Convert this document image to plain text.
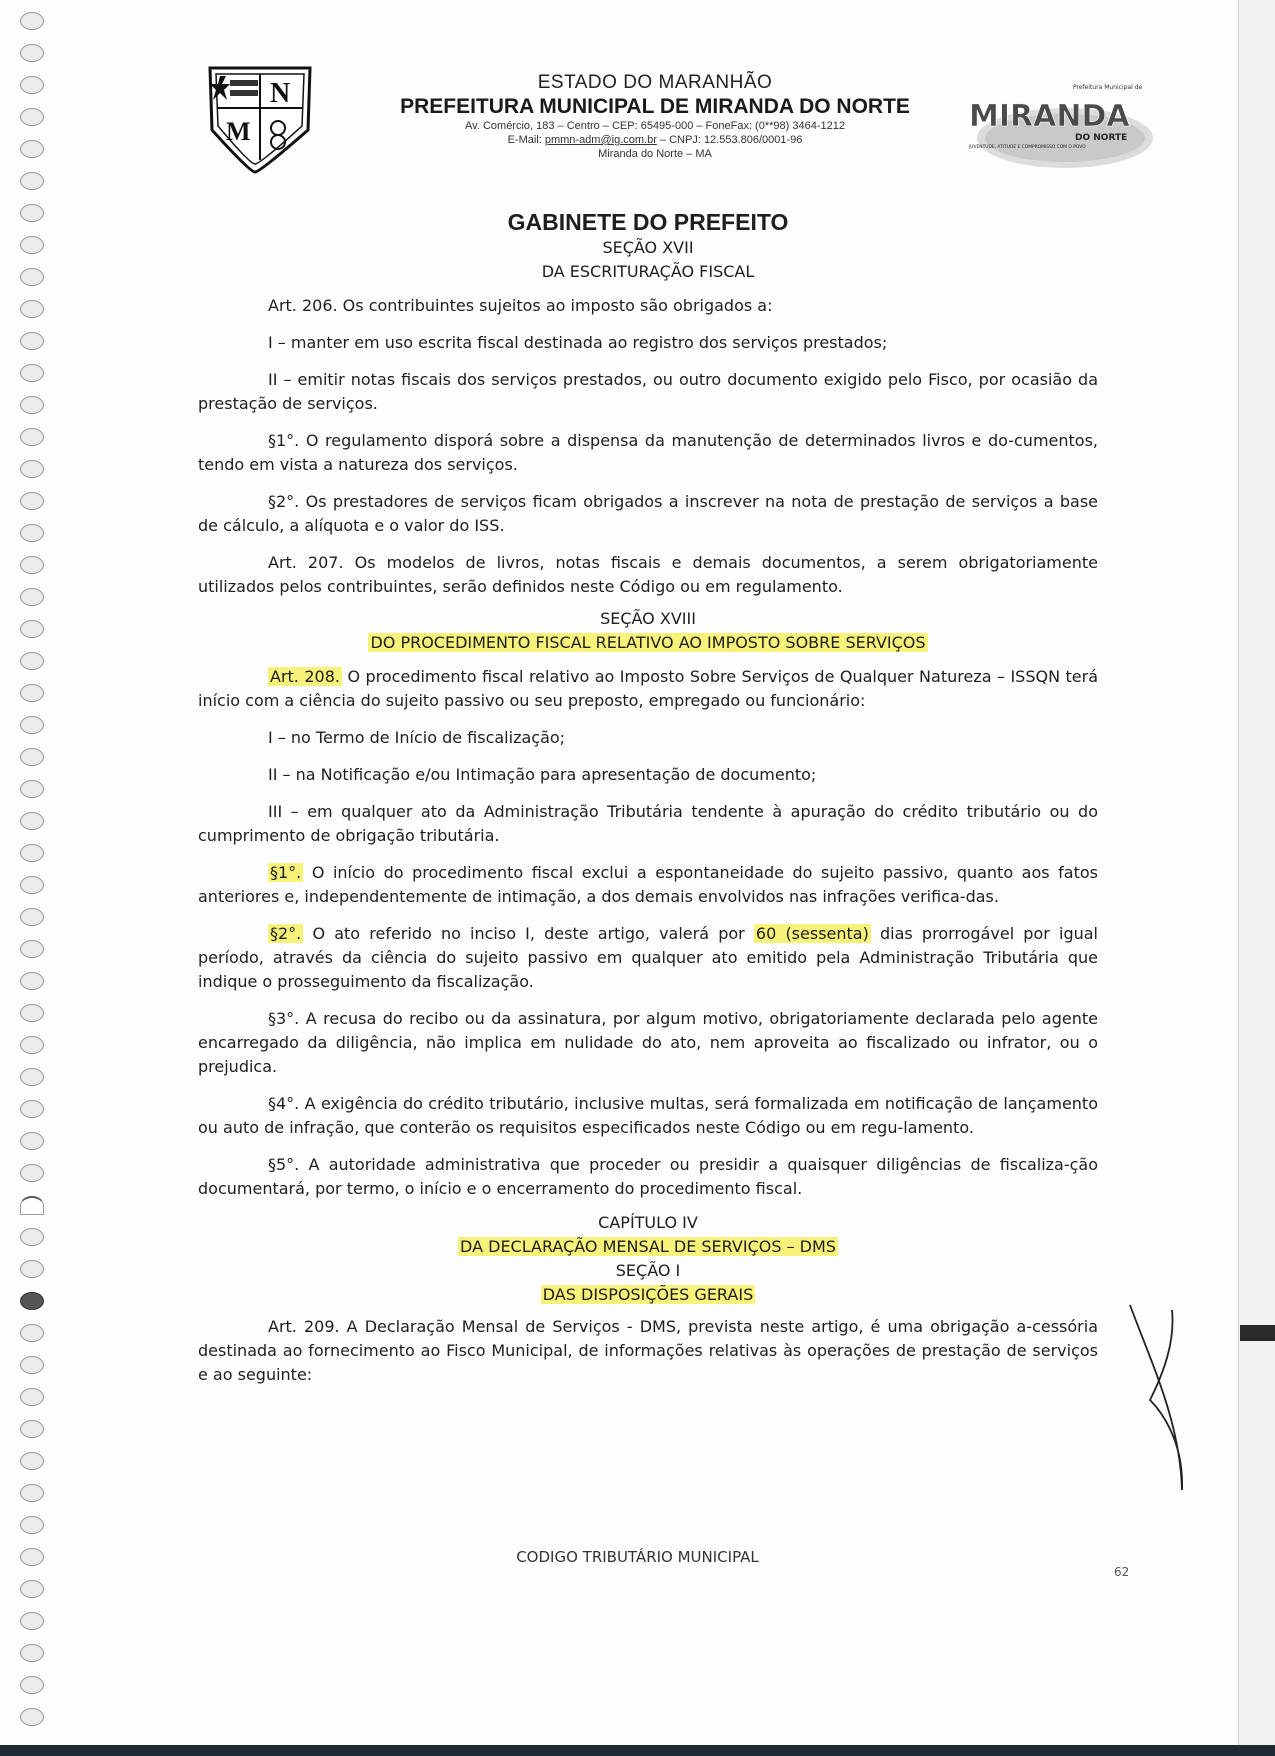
N
M
ESTADO DO MARANHÃO
PREFEITURA MUNICIPAL DE MIRANDA DO NORTE
Av. Comércio, 183 – Centro – CEP: 65495-000 – FoneFax: (0**98) 3464-1212
E-Mail: pmmn-adm@ig.com.br – CNPJ: 12.553.806/0001-96
Miranda do Norte – MA
Prefeitura Municipal de
MIRANDA
DO NORTE
JUVENTUDE, ATITUDE E COMPROMISSO COM O POVO
GABINETE DO PREFEITO
SEÇÃO XVII
DA ESCRITURAÇÃO FISCAL

Art. 206. Os contribuintes sujeitos ao imposto são obrigados a:

I – manter em uso escrita fiscal destinada ao registro dos serviços prestados;

II – emitir notas fiscais dos serviços prestados, ou outro documento exigido pelo Fisco, por ocasião da prestação de serviços.

§1°. O regulamento disporá sobre a dispensa da manutenção de determinados livros e do-cumentos, tendo em vista a natureza dos serviços.

§2°. Os prestadores de serviços ficam obrigados a inscrever na nota de prestação de serviços a base de cálculo, a alíquota e o valor do ISS.

Art. 207. Os modelos de livros, notas fiscais e demais documentos, a serem obrigatoriamente utilizados pelos contribuintes, serão definidos neste Código ou em regulamento.

SEÇÃO XVIII
DO PROCEDIMENTO FISCAL RELATIVO AO IMPOSTO SOBRE SERVIÇOS

Art. 208. O procedimento fiscal relativo ao Imposto Sobre Serviços de Qualquer Natureza – ISSQN terá início com a ciência do sujeito passivo ou seu preposto, empregado ou funcionário:

I – no Termo de Início de fiscalização;

II – na Notificação e/ou Intimação para apresentação de documento;

III – em qualquer ato da Administração Tributária tendente à apuração do crédito tributário ou do cumprimento de obrigação tributária.

§1°. O início do procedimento fiscal exclui a espontaneidade do sujeito passivo, quanto aos fatos anteriores e, independentemente de intimação, a dos demais envolvidos nas infrações verifica-das.

§2°. O ato referido no inciso I, deste artigo, valerá por 60 (sessenta) dias prorrogável por igual período, através da ciência do sujeito passivo em qualquer ato emitido pela Administração Tributária que indique o prosseguimento da fiscalização.

§3°. A recusa do recibo ou da assinatura, por algum motivo, obrigatoriamente declarada pelo agente encarregado da diligência, não implica em nulidade do ato, nem aproveita ao fiscalizado ou infrator, ou o prejudica.

§4°. A exigência do crédito tributário, inclusive multas, será formalizada em notificação de lançamento ou auto de infração, que conterão os requisitos especificados neste Código ou em regu-lamento.

§5°. A autoridade administrativa que proceder ou presidir a quaisquer diligências de fiscaliza-ção documentará, por termo, o início e o encerramento do procedimento fiscal.

CAPÍTULO IV
DA DECLARAÇÃO MENSAL DE SERVIÇOS – DMS
SEÇÃO I
DAS DISPOSIÇÕES GERAIS

Art. 209. A Declaração Mensal de Serviços - DMS, prevista neste artigo, é uma obrigação a-cessória destinada ao fornecimento ao Fisco Municipal, de informações relativas às operações de prestação de serviços e ao seguinte:

CODIGO TRIBUTÁRIO MUNICIPAL
62
